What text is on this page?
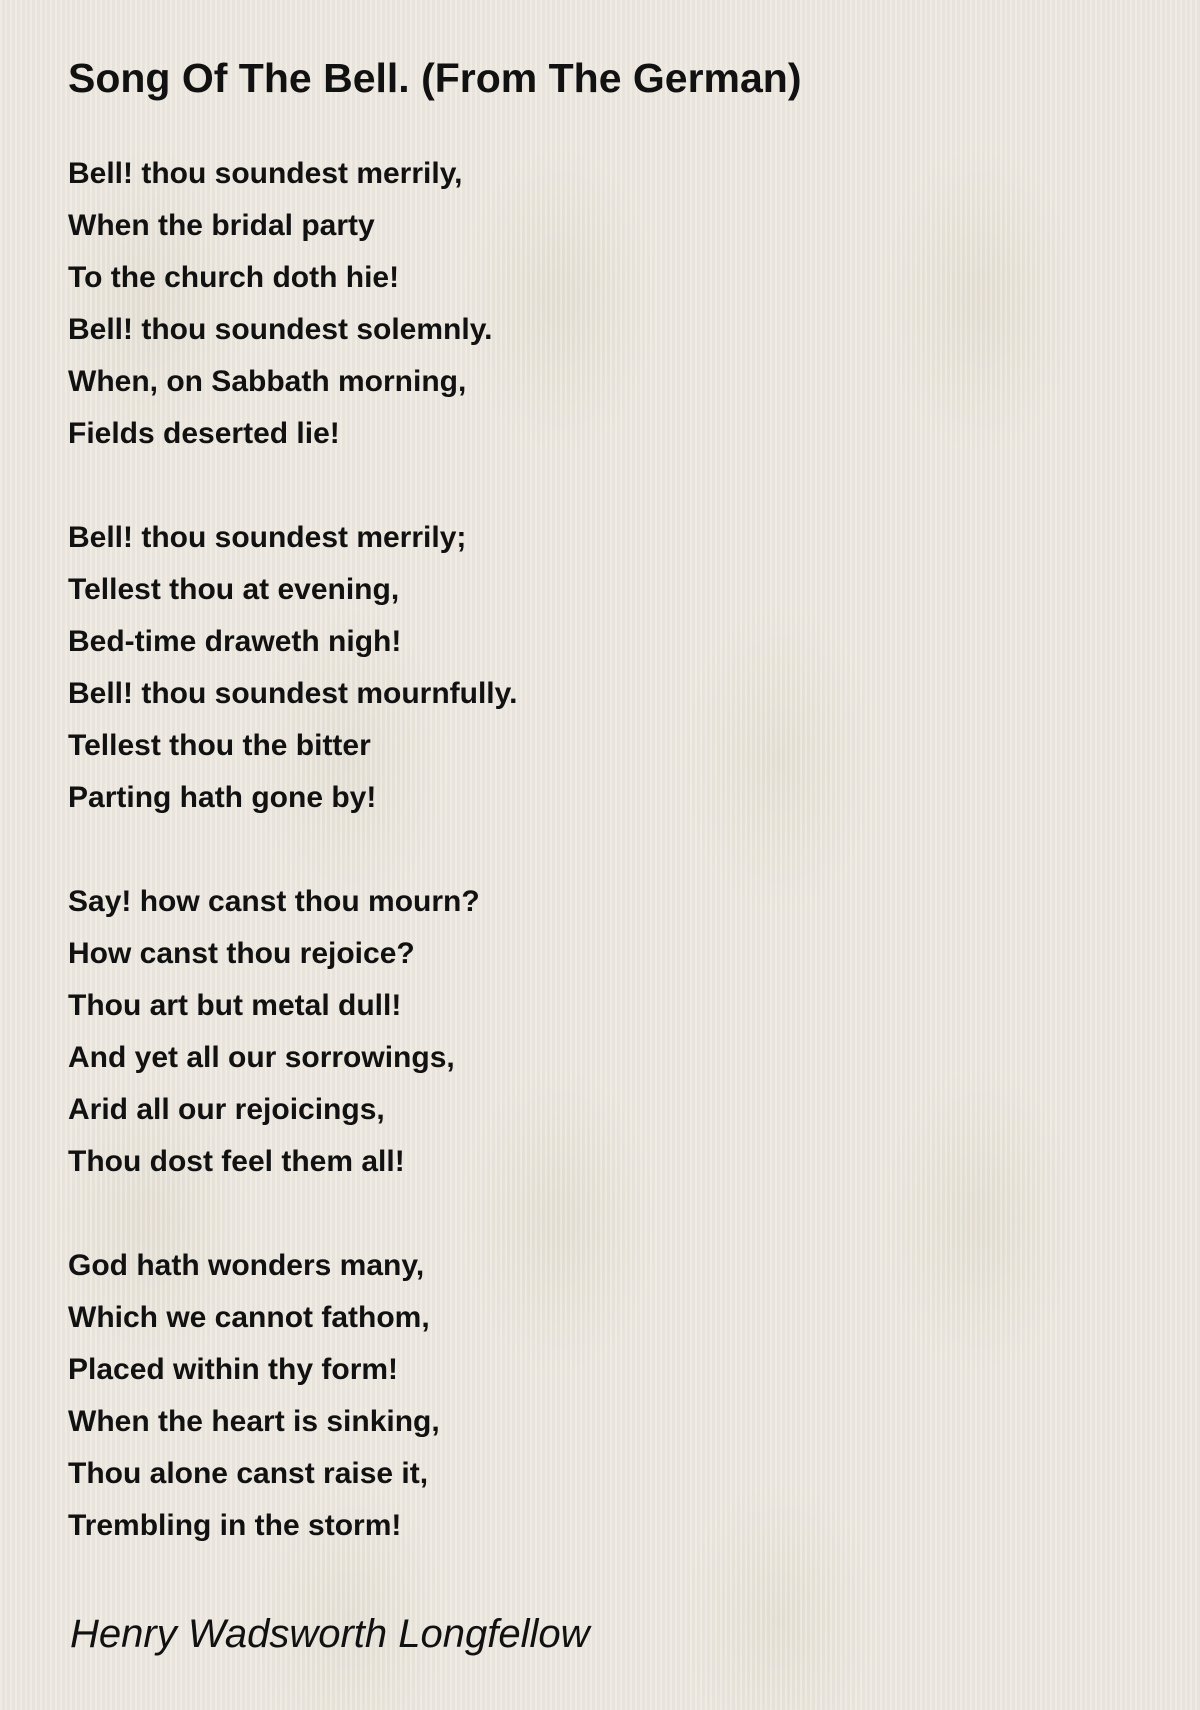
Song Of The Bell. (From The German)
Bell! thou soundest merrily,
When the bridal party
To the church doth hie!
Bell! thou soundest solemnly.
When, on Sabbath morning,
Fields deserted lie!
Bell! thou soundest merrily;
Tellest thou at evening,
Bed-time draweth nigh!
Bell! thou soundest mournfully.
Tellest thou the bitter
Parting hath gone by!
Say! how canst thou mourn?
How canst thou rejoice?
Thou art but metal dull!
And yet all our sorrowings,
Arid all our rejoicings,
Thou dost feel them all!
God hath wonders many,
Which we cannot fathom,
Placed within thy form!
When the heart is sinking,
Thou alone canst raise it,
Trembling in the storm!
Henry Wadsworth Longfellow
